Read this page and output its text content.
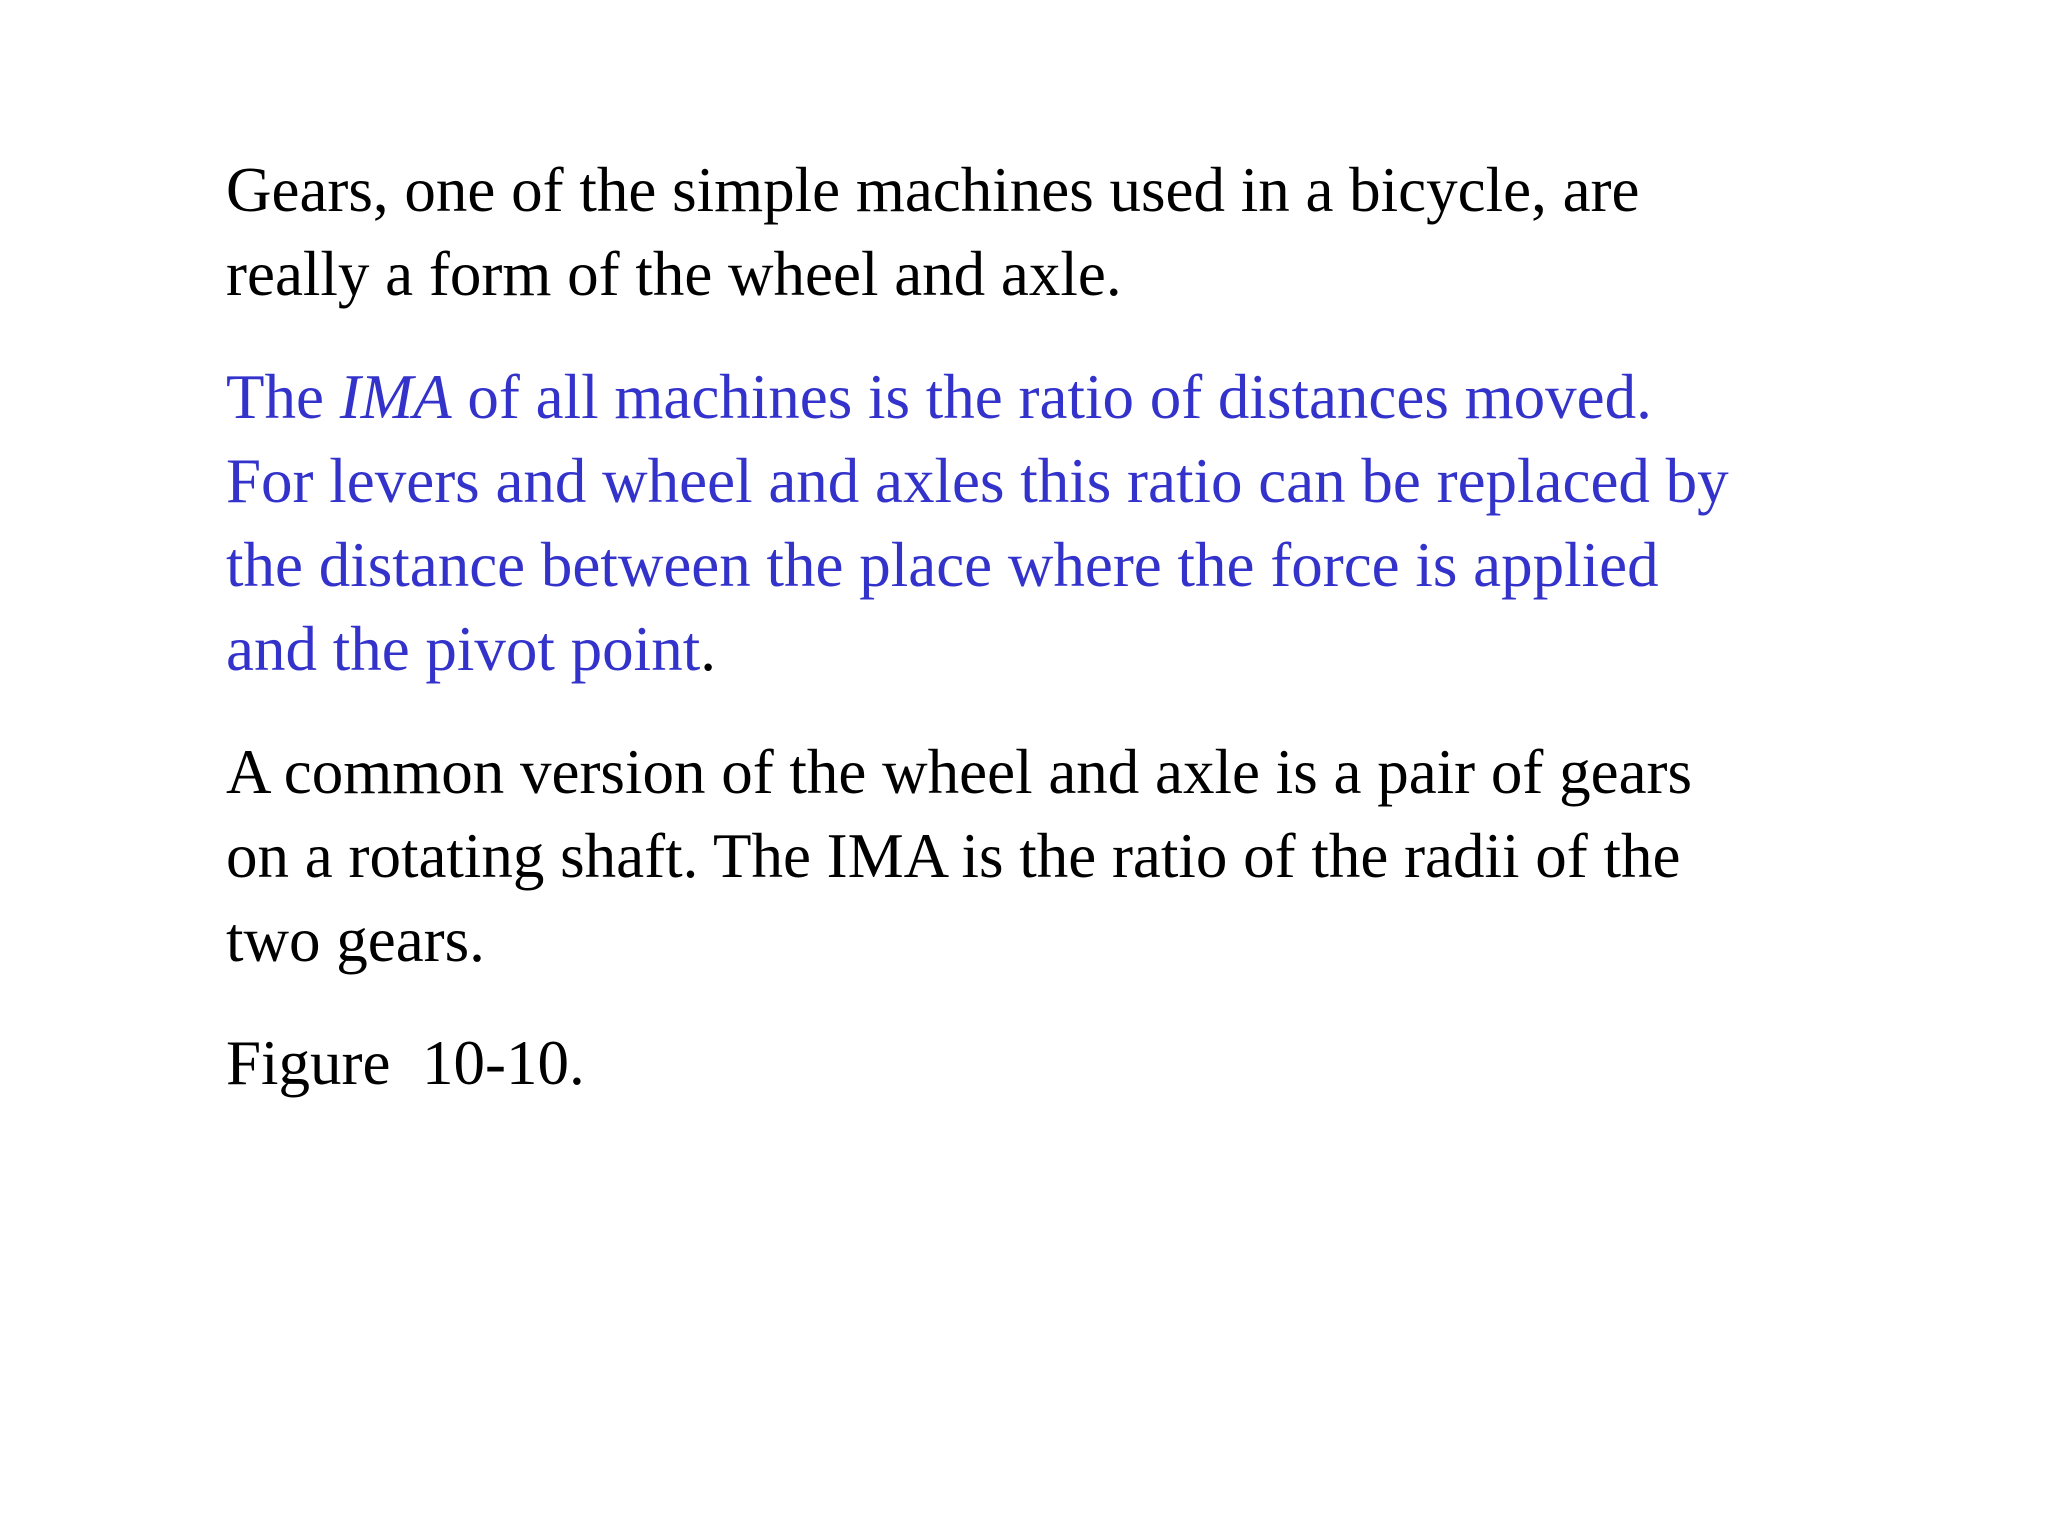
Gears, one of the simple machines used in a bicycle, are
really a form of the wheel and axle.

The IMA of all machines is the ratio of distances moved.
For levers and wheel and axles this ratio can be replaced by
the distance between the place where the force is applied
and the pivot point.

A common version of the wheel and axle is a pair of gears
on a rotating shaft. The IMA is the ratio of the radii of the
two gears.

Figure  10-10.
